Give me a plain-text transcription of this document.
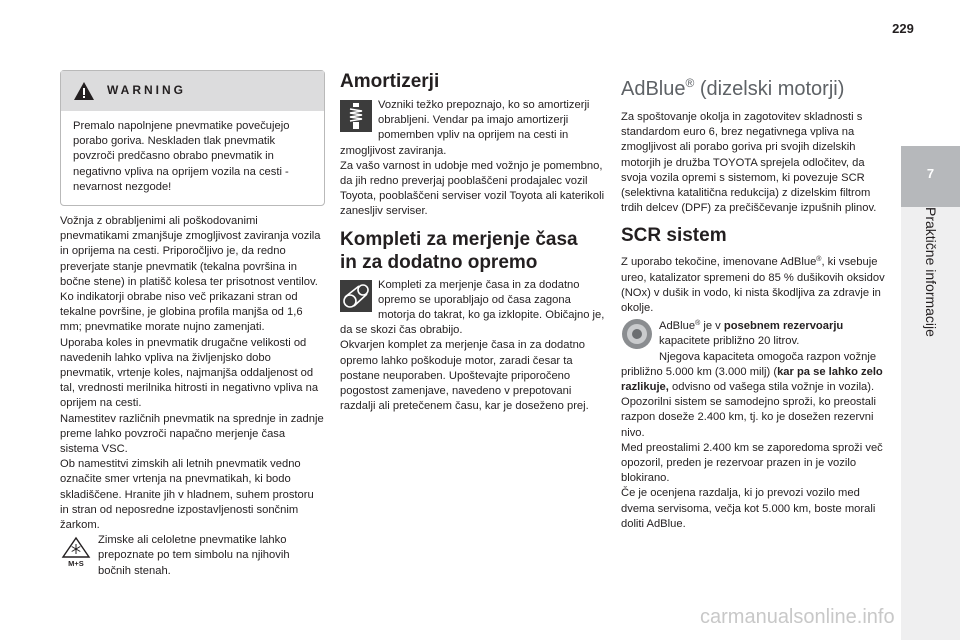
229
7
Praktične informacije
WARNING
Premalo napolnjene pnevmatike povečujejo porabo goriva. Neskladen tlak pnevmatik povzroči predčasno obrabo pnevmatik in negativno vpliva na oprijem vozila na cesti - nevarnost nezgode!

Vožnja z obrabljenimi ali poškodovanimi pnevmatikami zmanjšuje zmogljivost zaviranja vozila in oprijema na cesti. Priporočljivo je, da redno preverjate stanje pnevmatik (tekalna površina in bočne stene) in platišč kolesa ter prisotnost ventilov.

Ko indikatorji obrabe niso več prikazani stran od tekalne površine, je globina profila manjša od 1,6 mm; pnevmatike morate nujno zamenjati.

Uporaba koles in pnevmatik drugačne velikosti od navedenih lahko vpliva na življenjsko dobo pnevmatik, vrtenje koles, najmanjša oddaljenost od tal, vrednosti merilnika hitrosti in negativno vpliva na oprijem na cesti.

Namestitev različnih pnevmatik na sprednje in zadnje preme lahko povzroči napačno merjenje časa sistema VSC.

Ob namestitvi zimskih ali letnih pnevmatik vedno označite smer vrtenja na pnevmatikah, ki bodo skladiščene. Hranite jih v hladnem, suhem prostoru in stran od neposredne izpostavljenosti sončnim žarkom.

M+S
Zimske ali celoletne pnevmatike lahko prepoznate po tem simbolu na njihovih bočnih stenah.
Amortizerji
Vozniki težko prepoznajo, ko so amortizerji obrabljeni. Vendar pa imajo amortizerji pomemben vpliv na oprijem na cesti in zmogljivost zaviranja.

Za vašo varnost in udobje med vožnjo je pomembno, da jih redno preverjaj pooblaščeni prodajalec vozil Toyota, pooblaščeni serviser vozil Toyota ali katerikoli zanesljiv serviser.

Kompleti za merjenje časa
in za dodatno opremo
Kompleti za merjenje časa in za dodatno opremo se uporabljajo od časa zagona motorja do takrat, ko ga izklopite. Običajno je, da se skozi čas obrabijo.

Okvarjen komplet za merjenje časa in za dodatno opremo lahko poškoduje motor, zaradi česar ta postane neuporaben. Upoštevajte priporočeno pogostost zamenjave, navedeno v prepotovani razdalji ali pretečenem času, kar je doseženo prej.

AdBlue® (dizelski motorji)

Za spoštovanje okolja in zagotovitev skladnosti s standardom euro 6, brez negativnega vpliva na zmogljivost ali porabo goriva pri svojih dizelskih motorjih je družba TOYOTA sprejela odločitev, da svoja vozila opremi s sistemom, ki povezuje SCR (selektivna katalitična redukcija) z dizelskim filtrom trdih delcev (DPF) za prečiščevanje izpušnih plinov.

SCR sistem

Z uporabo tekočine, imenovane AdBlue®, ki vsebuje ureo, katalizator spremeni do 85 % dušikovih oksidov (NOx) v dušik in vodo, ki nista škodljiva za zdravje in okolje.

AdBlue® je v posebnem rezervoarju kapacitete približno 20 litrov.

Njegova kapaciteta omogoča razpon vožnje približno 5.000 km (3.000 milj) (kar pa se lahko zelo razlikuje, odvisno od vašega stila vožnje in vozila). Opozorilni sistem se samodejno sproži, ko preostali razpon doseže 2.400 km, tj. ko je dosežen rezervni nivo.

Med preostalimi 2.400 km se zaporedoma sproži več opozoril, preden je rezervoar prazen in je vozilo blokirano.

Če je ocenjena razdalja, ki jo prevozi vozilo med dvema servisoma, večja kot 5.000 km, boste morali doliti AdBlue.

carmanualsonline.info
